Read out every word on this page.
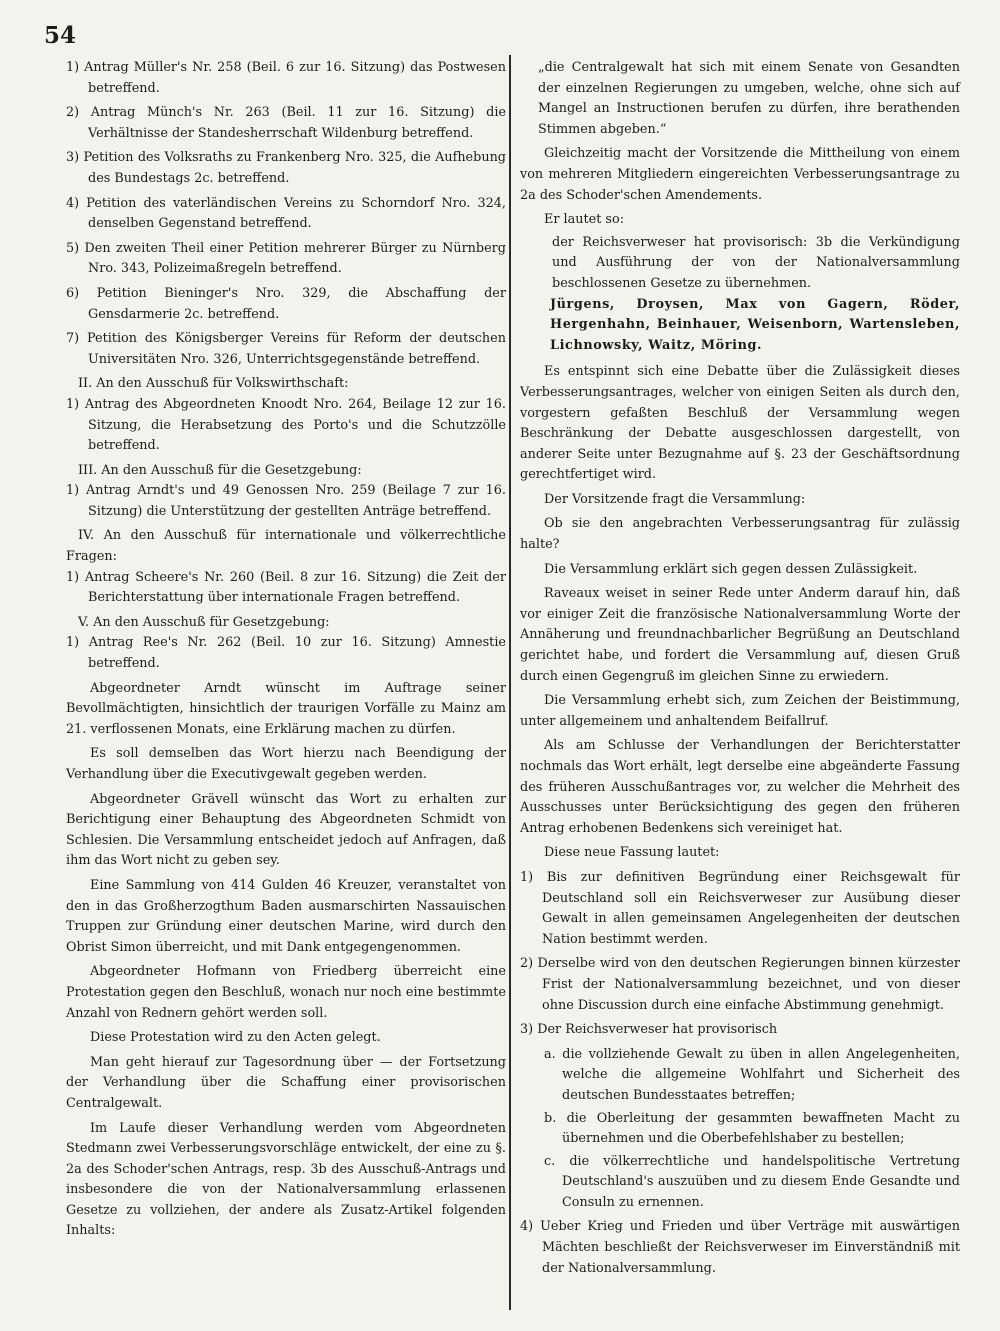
54

1) Antrag Müller's Nr. 258 (Beil. 6 zur 16. Sitzung) das Postwesen betreffend.

2) Antrag Münch's Nr. 263 (Beil. 11 zur 16. Sitzung) die Verhältnisse der Standesherrschaft Wildenburg betreffend.

3) Petition des Volksraths zu Frankenberg Nro. 325, die Aufhebung des Bundestags 2c. betreffend.

4) Petition des vaterländischen Vereins zu Schorndorf Nro. 324, denselben Gegenstand betreffend.

5) Den zweiten Theil einer Petition mehrerer Bürger zu Nürnberg Nro. 343, Polizeimaßregeln betreffend.

6) Petition Bieninger's Nro. 329, die Abschaffung der Gensdarmerie 2c. betreffend.

7) Petition des Königsberger Vereins für Reform der deutschen Universitäten Nro. 326, Unterrichtsgegenstände betreffend.

II. An den Ausschuß für Volkswirthschaft:

1) Antrag des Abgeordneten Knoodt Nro. 264, Beilage 12 zur 16. Sitzung, die Herabsetzung des Porto's und die Schutzzölle betreffend.

III. An den Ausschuß für die Gesetzgebung:

1) Antrag Arndt's und 49 Genossen Nro. 259 (Beilage 7 zur 16. Sitzung) die Unterstützung der gestellten Anträge betreffend.

IV. An den Ausschuß für internationale und völkerrechtliche Fragen:

1) Antrag Scheere's Nr. 260 (Beil. 8 zur 16. Sitzung) die Zeit der Berichterstattung über internationale Fragen betreffend.

V. An den Ausschuß für Gesetzgebung:

1) Antrag Ree's Nr. 262 (Beil. 10 zur 16. Sitzung) Amnestie betreffend.

Abgeordneter Arndt wünscht im Auftrage seiner Bevollmächtigten, hinsichtlich der traurigen Vorfälle zu Mainz am 21. verflossenen Monats, eine Erklärung machen zu dürfen.

Es soll demselben das Wort hierzu nach Beendigung der Verhandlung über die Executivgewalt gegeben werden.

Abgeordneter Grävell wünscht das Wort zu erhalten zur Berichtigung einer Behauptung des Abgeordneten Schmidt von Schlesien. Die Versammlung entscheidet jedoch auf Anfragen, daß ihm das Wort nicht zu geben sey.

Eine Sammlung von 414 Gulden 46 Kreuzer, veranstaltet von den in das Großherzogthum Baden ausmarschirten Nassauischen Truppen zur Gründung einer deutschen Marine, wird durch den Obrist Simon überreicht, und mit Dank entgegengenommen.

Abgeordneter Hofmann von Friedberg überreicht eine Protestation gegen den Beschluß, wonach nur noch eine bestimmte Anzahl von Rednern gehört werden soll.

Diese Protestation wird zu den Acten gelegt.

Man geht hierauf zur Tagesordnung über — der Fortsetzung der Verhandlung über die Schaffung einer provisorischen Centralgewalt.

Im Laufe dieser Verhandlung werden vom Abgeordneten Stedmann zwei Verbesserungsvorschläge entwickelt, der eine zu §. 2a des Schoder'schen Antrags, resp. 3b des Ausschuß-Antrags und insbesondere die von der Nationalversammlung erlassenen Gesetze zu vollziehen, der andere als Zusatz-Artikel folgenden Inhalts:

„die Centralgewalt hat sich mit einem Senate von Gesandten der einzelnen Regierungen zu umgeben, welche, ohne sich auf Mangel an Instructionen berufen zu dürfen, ihre berathenden Stimmen abgeben.“

Gleichzeitig macht der Vorsitzende die Mittheilung von einem von mehreren Mitgliedern eingereichten Verbesserungsantrage zu 2a des Schoder'schen Amendements.

Er lautet so:

der Reichsverweser hat provisorisch: 3b die Verkündigung und Ausführung der von der Nationalversammlung beschlossenen Gesetze zu übernehmen.

Jürgens, Droysen, Max von Gagern, Röder, Hergenhahn, Beinhauer, Weisenborn, Wartensleben, Lichnowsky, Waitz, Möring.

Es entspinnt sich eine Debatte über die Zulässigkeit dieses Verbesserungsantrages, welcher von einigen Seiten als durch den, vorgestern gefaßten Beschluß der Versammlung wegen Beschränkung der Debatte ausgeschlossen dargestellt, von anderer Seite unter Bezugnahme auf §. 23 der Geschäftsordnung gerechtfertiget wird.

Der Vorsitzende fragt die Versammlung:

Ob sie den angebrachten Verbesserungsantrag für zulässig halte?

Die Versammlung erklärt sich gegen dessen Zulässigkeit.

Raveaux weiset in seiner Rede unter Anderm darauf hin, daß vor einiger Zeit die französische Nationalversammlung Worte der Annäherung und freundnachbarlicher Begrüßung an Deutschland gerichtet habe, und fordert die Versammlung auf, diesen Gruß durch einen Gegengruß im gleichen Sinne zu erwiedern.

Die Versammlung erhebt sich, zum Zeichen der Beistimmung, unter allgemeinem und anhaltendem Beifallruf.

Als am Schlusse der Verhandlungen der Berichterstatter nochmals das Wort erhält, legt derselbe eine abgeänderte Fassung des früheren Ausschußantrages vor, zu welcher die Mehrheit des Ausschusses unter Berücksichtigung des gegen den früheren Antrag erhobenen Bedenkens sich vereiniget hat.

Diese neue Fassung lautet:

1) Bis zur definitiven Begründung einer Reichsgewalt für Deutschland soll ein Reichsverweser zur Ausübung dieser Gewalt in allen gemeinsamen Angelegenheiten der deutschen Nation bestimmt werden.

2) Derselbe wird von den deutschen Regierungen binnen kürzester Frist der Nationalversammlung bezeichnet, und von dieser ohne Discussion durch eine einfache Abstimmung genehmigt.

3) Der Reichsverweser hat provisorisch

a. die vollziehende Gewalt zu üben in allen Angelegenheiten, welche die allgemeine Wohlfahrt und Sicherheit des deutschen Bundesstaates betreffen;

b. die Oberleitung der gesammten bewaffneten Macht zu übernehmen und die Oberbefehlshaber zu bestellen;

c. die völkerrechtliche und handelspolitische Vertretung Deutschland's auszuüben und zu diesem Ende Gesandte und Consuln zu ernennen.

4) Ueber Krieg und Frieden und über Verträge mit auswärtigen Mächten beschließt der Reichsverweser im Einverständniß mit der Nationalversammlung.
